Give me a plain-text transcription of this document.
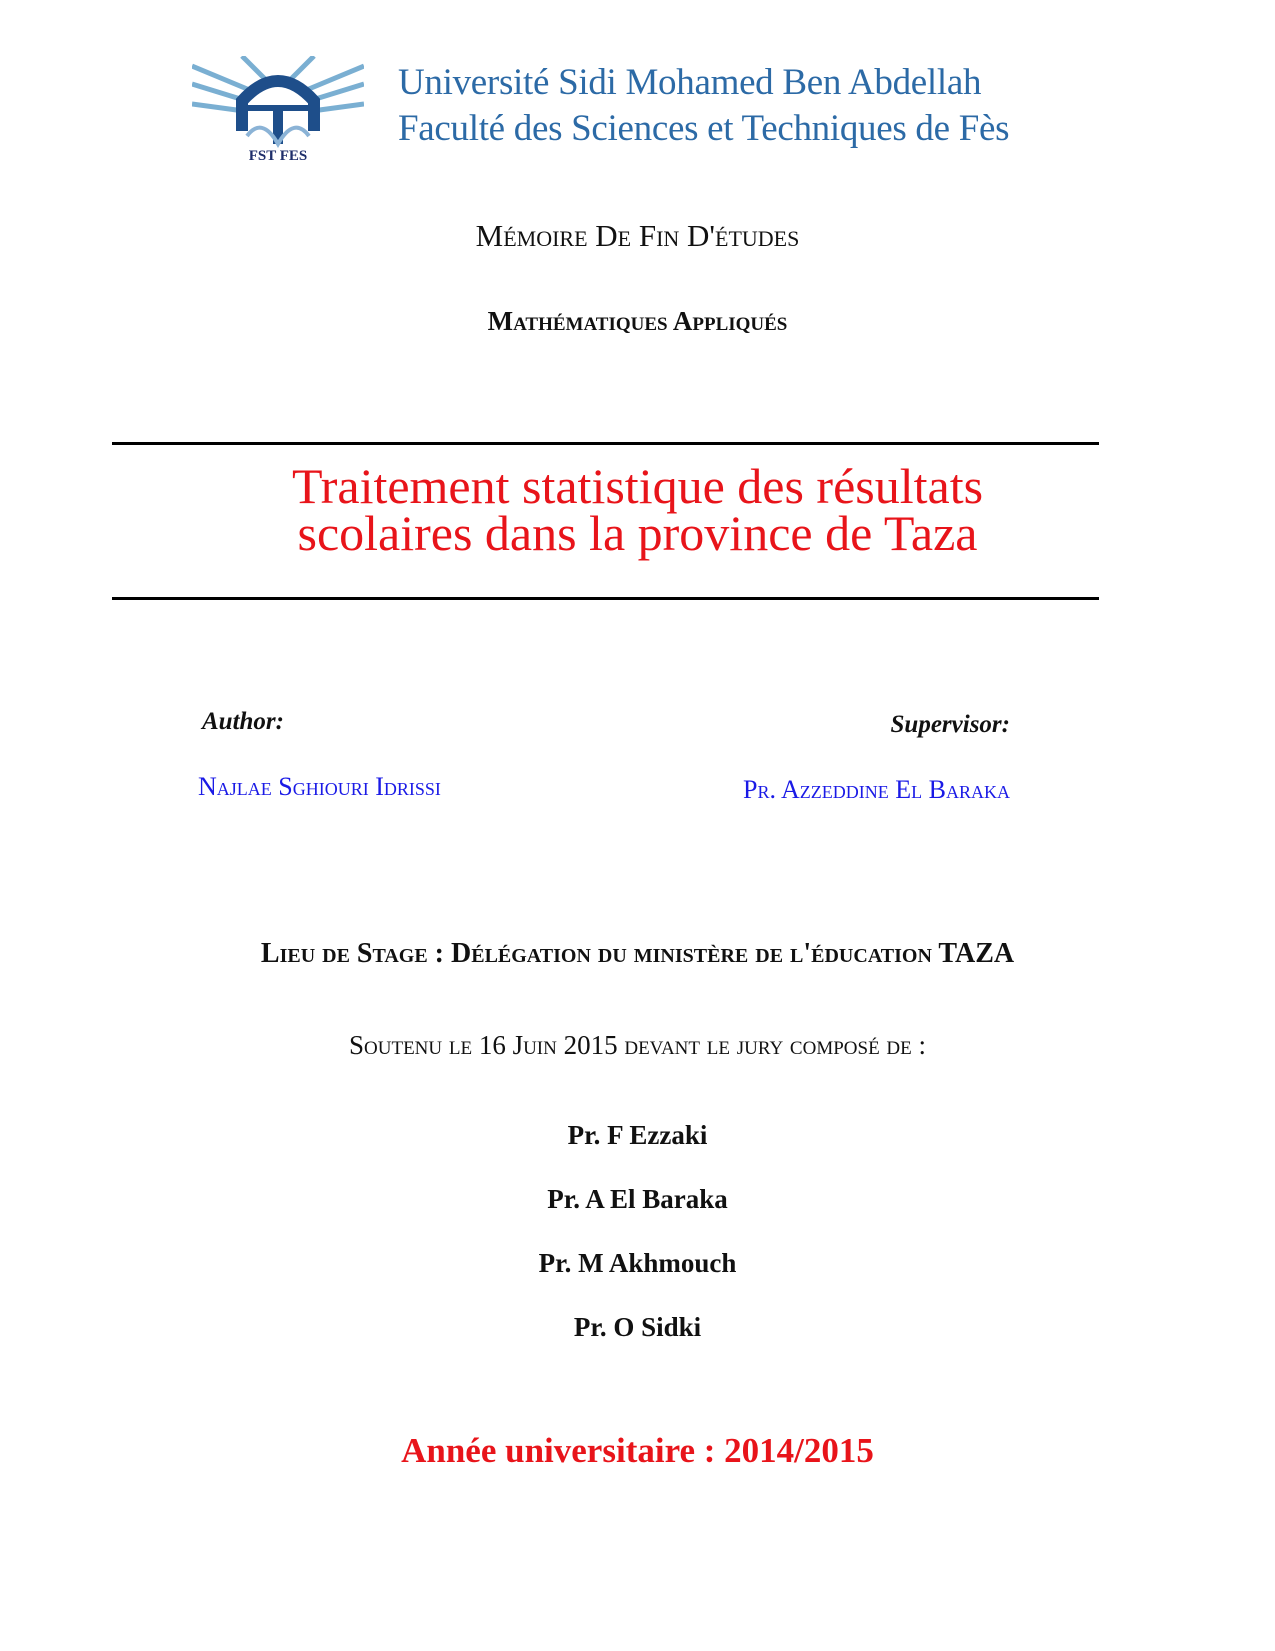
FST FES
Université Sidi Mohamed Ben Abdellah
Faculté des Sciences et Techniques de Fès
Mémoire De Fin D'études
Mathématiques Appliqués
Traitement statistique des résultats
scolaires dans la province de Taza
Author:
Najlae Sghiouri Idrissi
Supervisor:
Pr. Azzeddine El Baraka
Lieu de Stage : Délégation du ministère de l'éducation TAZA
Soutenu le 16 Juin 2015 devant le jury composé de :
Pr. F Ezzaki
Pr. A El Baraka
Pr. M Akhmouch
Pr. O Sidki
Année universitaire : 2014/2015
